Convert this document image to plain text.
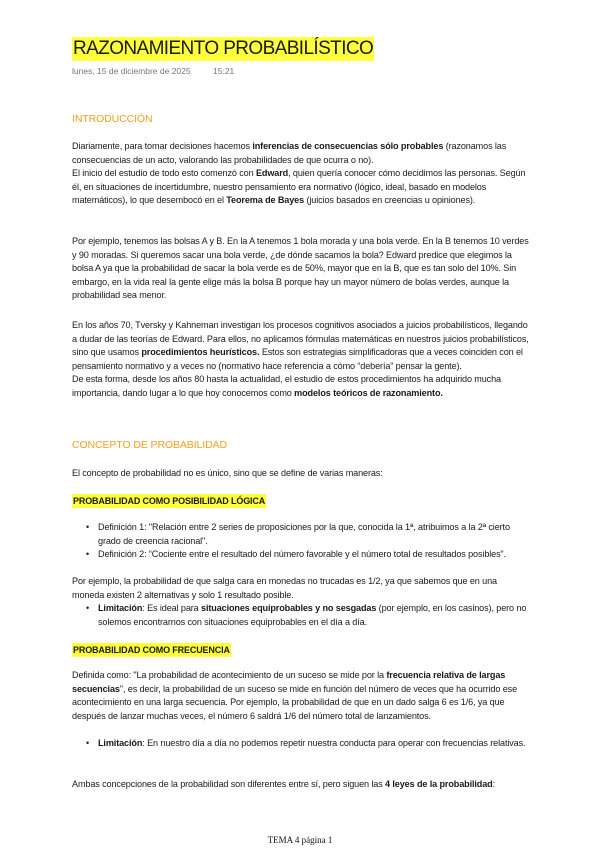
RAZONAMIENTO PROBABILÍSTICO
lunes, 15 de diciembre de 2025	15:21
INTRODUCCIÓN

Diariamente, para tomar decisiones hacemos inferencias de consecuencias sólo probables (razonamos las consecuencias de un acto, valorando las probabilidades de que ocurra o no).

El inicio del estudio de todo esto comenzó con Edward, quien quería conocer cómo decidimos las personas. Según él, en situaciones de incertidumbre, nuestro pensamiento era normativo (lógico, ideal, basado en modelos matemáticos), lo que desembocó en el Teorema de Bayes (juicios basados en creencias u opiniones).

Por ejemplo, tenemos las bolsas A y B. En la A tenemos 1 bola morada y una bola verde. En la B tenemos 10 verdes y 90 moradas. Si queremos sacar una bola verde, ¿de dónde sacamos la bola? Edward predice que elegimos la bolsa A ya que la probabilidad de sacar la bola verde es de 50%, mayor que en la B, que es tan solo del 10%. Sin embargo, en la vida real la gente elige más la bolsa B porque hay un mayor número de bolas verdes, aunque la probabilidad sea menor.

En los años 70, Tversky y Kahneman investigan los procesos cognitivos asociados a juicios probabilísticos, llegando a dudar de las teorías de Edward. Para ellos, no aplicamos fórmulas matemáticas en nuestros juicios probabilísticos, sino que usamos procedimientos heurísticos. Estos son estrategias simplificadoras que a veces coinciden con el pensamiento normativo y a veces no (normativo hace referencia a cómo “debería” pensar la gente).

De esta forma, desde los años 80 hasta la actualidad, el estudio de estos procedimientos ha adquirido mucha importancia, dando lugar a lo que hoy conocemos como modelos teóricos de razonamiento.

CONCEPTO DE PROBABILIDAD
El concepto de probabilidad no es único, sino que se define de varias maneras:
PROBABILIDAD COMO POSIBILIDAD LÓGICA
• Definición 1: "Relación entre 2 series de proposiciones por la que, conocida la 1ª, atribuimos a la 2ª cierto grado de creencia racional".
• Definición 2: “Cociente entre el resultado del número favorable y el número total de resultados posibles”.
Por ejemplo, la probabilidad de que salga cara en monedas no trucadas es 1/2, ya que sabemos que en una moneda existen 2 alternativas y solo 1 resultado posible.
• Limitación: Es ideal para situaciones equiprobables y no sesgadas (por ejemplo, en los casinos), pero no solemos encontrarnos con situaciones equiprobables en el día a día.
PROBABILIDAD COMO FRECUENCIA
Definida como: "La probabilidad de acontecimiento de un suceso se mide por la frecuencia relativa de largas secuencias", es decir, la probabilidad de un suceso se mide en función del número de veces que ha ocurrido ese acontecimiento en una larga secuencia. Por ejemplo, la probabilidad de que en un dado salga 6 es 1/6, ya que después de lanzar muchas veces, el número 6 saldrá 1/6 del número total de lanzamientos.
• Limitación: En nuestro día a día no podemos repetir nuestra conducta para operar con frecuencias relativas.
Ambas concepciones de la probabilidad son diferentes entre sí, pero siguen las 4 leyes de la probabilidad:
TEMA 4 página 1
